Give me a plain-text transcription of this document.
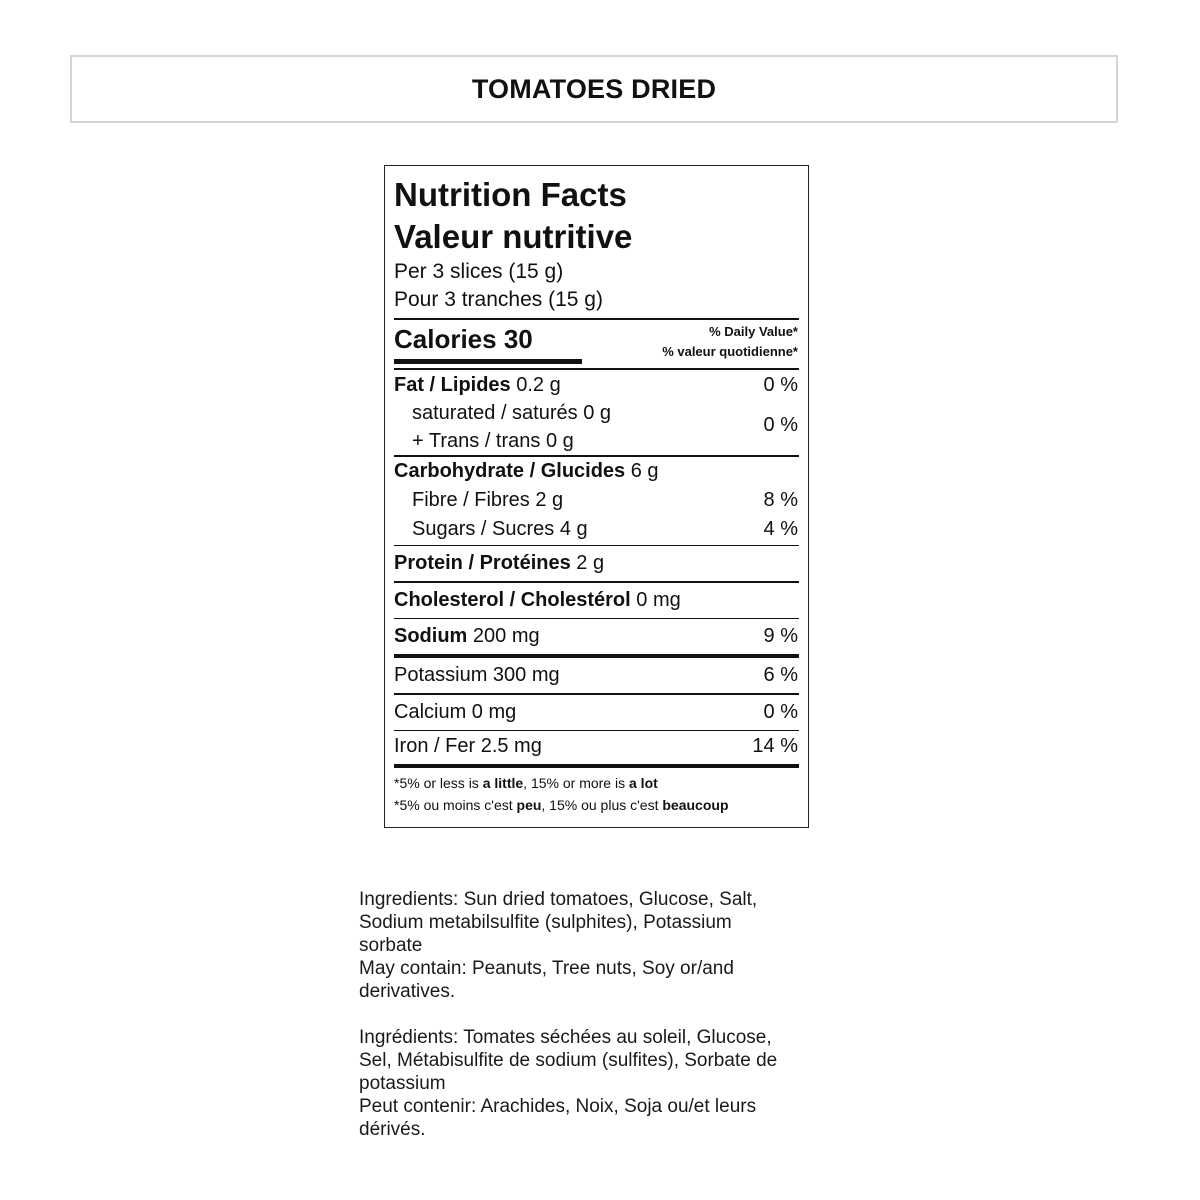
TOMATOES DRIED
Nutrition Facts
Valeur nutritive
Per 3 slices (15 g)
Pour 3 tranches (15 g)
Calories 30	% Daily Value*
% valeur quotidienne*
Fat / Lipides 0.2 g	0 %
saturated / saturés 0 g
+ Trans / trans 0 g
0 %
Carbohydrate / Glucides 6 g
Fibre / Fibres 2 g	8 %
Sugars / Sucres 4 g	4 %
Protein / Protéines 2 g
Cholesterol / Cholestérol 0 mg
Sodium 200 mg	9 %
Potassium 300 mg	6 %
Calcium 0 mg	0 %
Iron / Fer 2.5 mg	14 %
*5% or less is a little, 15% or more is a lot
*5% ou moins c'est peu, 15% ou plus c'est beaucoup

Ingredients: Sun dried tomatoes, Glucose, Salt,

Sodium metabilsulfite (sulphites), Potassium

sorbate

May contain: Peanuts, Tree nuts, Soy or/and

derivatives.

Ingrédients: Tomates séchées au soleil, Glucose,

Sel, Métabisulfite de sodium (sulfites), Sorbate de

potassium

Peut contenir: Arachides, Noix, Soja ou/et leurs

dérivés.
